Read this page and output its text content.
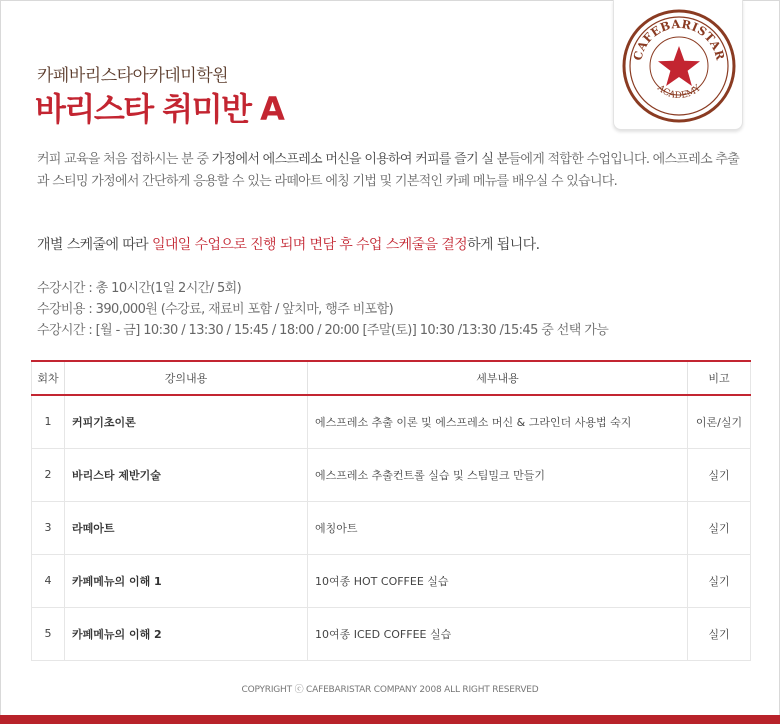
CAFEBARISTAR
ACADEMY
카페바리스타아카데미학원
바리스타 취미반 A
커피 교육을 처음 접하시는 분 중 가정에서 에스프레소 머신을 이용하여 커피를 즐기 실 분들에게 적합한 수업입니다. 에스프레소 추출과 스티밍 가정에서 간단하게 응용할 수 있는 라떼아트 에칭 기법 및 기본적인 카페 메뉴를 배우실 수 있습니다.
개별 스케줄에 따라 일대일 수업으로 진행 되며 면담 후 수업 스케줄을 결정하게 됩니다.
수강시간 : 총 10시간(1일 2시간/ 5회)
수강비용 : 390,000원 (수강료, 재료비 포함 / 앞치마, 행주 비포함)
수강시간 : [월 - 금] 10:30 / 13:30 / 15:45 / 18:00 / 20:00 [주말(토)] 10:30 /13:30 /15:45 중 선택 가능
회차	강의내용	세부내용	비고
1	커피기초이론	에스프레소 추출 이론 및 에스프레소 머신 & 그라인더 사용법 숙지	이론/실기
2	바리스타 제반기술	에스프레소 추출컨트롤 실습 및 스팀밀크 만들기	실기
3	라떼아트	에칭아트	실기
4	카페메뉴의 이해 1	10여종 HOT COFFEE 실습	실기
5	카페메뉴의 이해 2	10여종 ICED COFFEE 실습	실기
COPYRIGHT ⓒ CAFEBARISTAR COMPANY 2008 ALL RIGHT RESERVED
